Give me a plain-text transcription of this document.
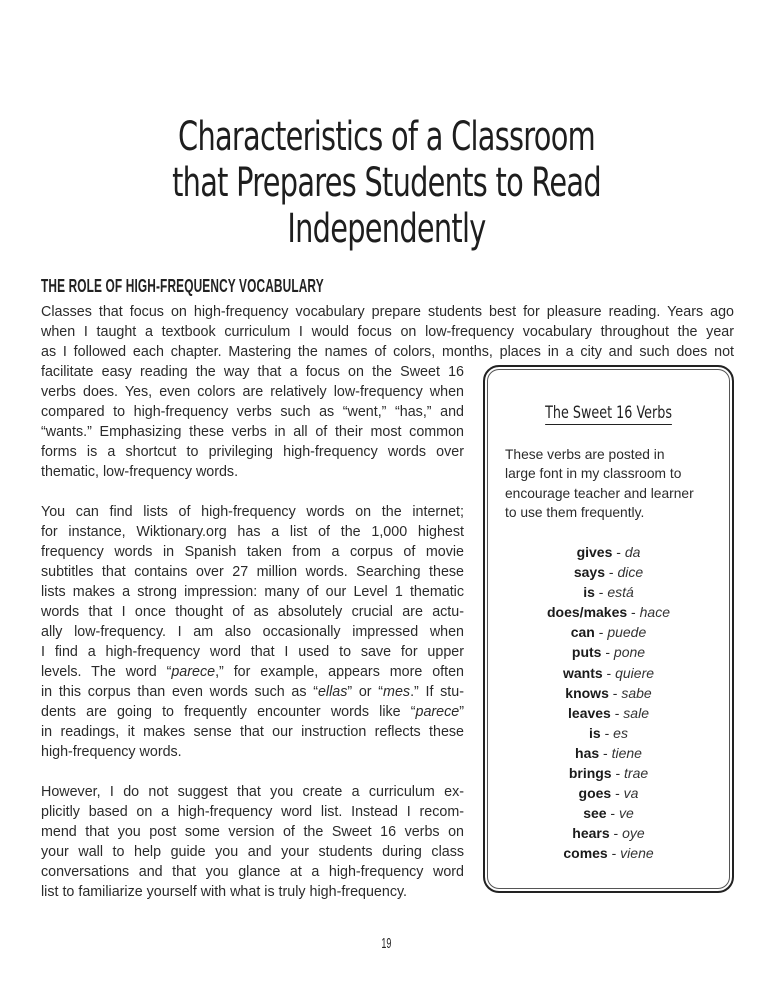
Characteristics of a Classroom
that Prepares Students to Read Independently
THE ROLE OF HIGH-FREQUENCY VOCABULARY
Classes that focus on high-frequency vocabulary prepare students best for pleasure reading. Years ago
when I taught a textbook curriculum I would focus on low-frequency vocabulary throughout the year
as I followed each chapter. Mastering the names of colors, months, places in a city and such does not
facilitate easy reading the way that a focus on the Sweet 16
verbs does. Yes, even colors are relatively low-frequency when
compared to high-frequency verbs such as “went,” “has,” and
“wants.” Emphasizing these verbs in all of their most common
forms is a shortcut to privileging high-frequency words over
thematic, low-frequency words.
You can find lists of high-frequency words on the internet;
for instance, Wiktionary.org has a list of the 1,000 highest
frequency words in Spanish taken from a corpus of movie
subtitles that contains over 27 million words. Searching these
lists makes a strong impression: many of our Level 1 thematic
words that I once thought of as absolutely crucial are actu-
ally low-frequency. I am also occasionally impressed when
I find a high-frequency word that I used to save for upper
levels. The word “parece,” for example, appears more often
in this corpus than even words such as “ellas” or “mes.” If stu-
dents are going to frequently encounter words like “parece”
in readings, it makes sense that our instruction reflects these
high-frequency words.
However, I do not suggest that you create a curriculum ex-
plicitly based on a high-frequency word list. Instead I recom-
mend that you post some version of the Sweet 16 verbs on
your wall to help guide you and your students during class
conversations and that you glance at a high-frequency word
list to familiarize yourself with what is truly high-frequency.
The Sweet 16 Verbs
These verbs are posted in
large font in my classroom to
encourage teacher and learner
to use them frequently.
gives - da
says - dice
is - está
does/makes - hace
can - puede
puts - pone
wants - quiere
knows - sabe
leaves - sale
is - es
has - tiene
brings - trae
goes - va
see - ve
hears - oye
comes - viene
19
